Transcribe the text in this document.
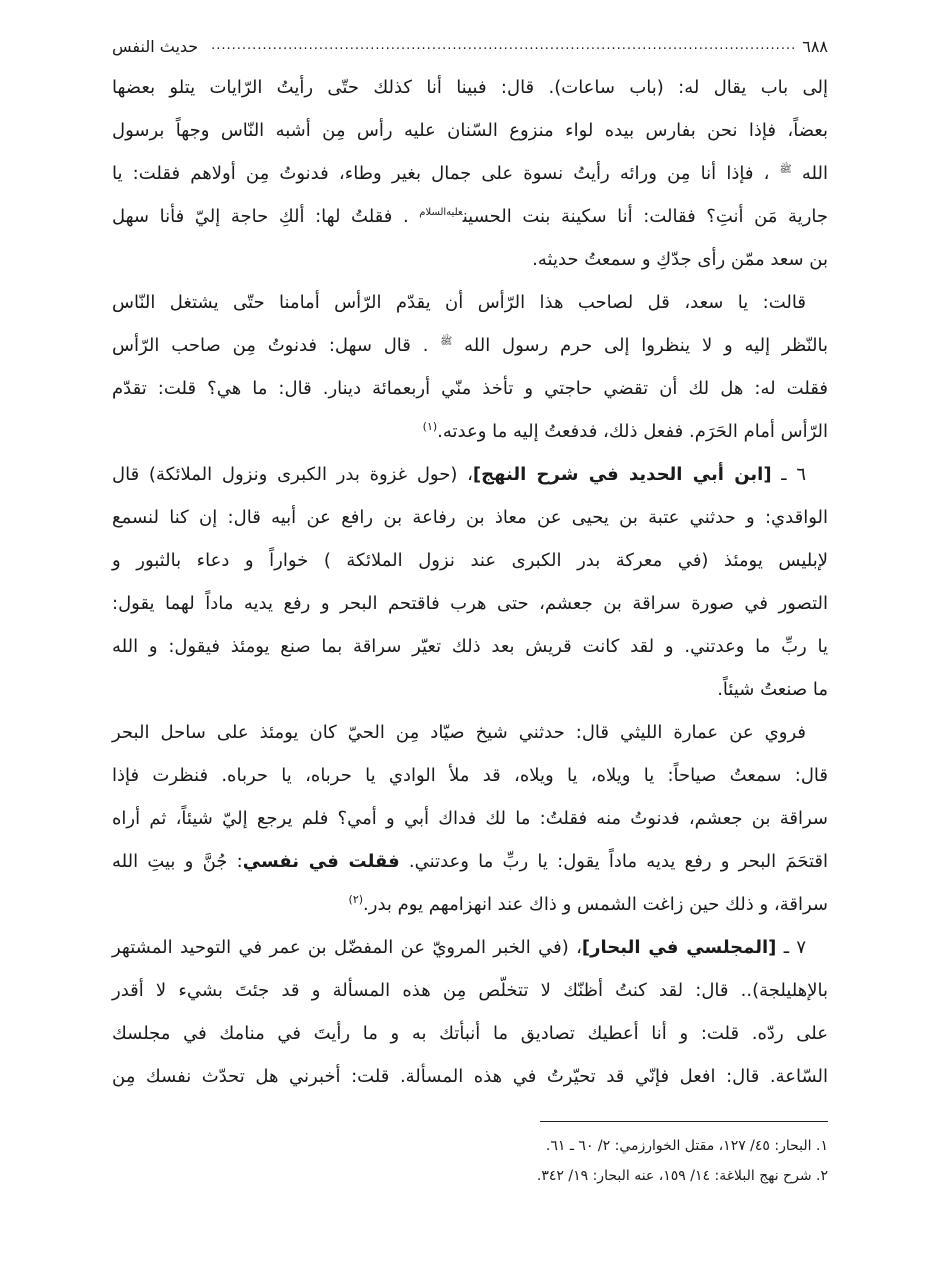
٦٨٨
..................................................................................................................
حديث النفس
إلى باب يقال له: (باب ساعات). قال: فبينا أنا كذلك حتّى رأيتُ الرّايات يتلو بعضها
بعضاً، فإذا نحن بفارس بيده لواء منزوع السّنان عليه رأس مِن أشبه النّاس وجهاً برسول
الله $^ﷺ$ ، فإذا أنا مِن ورائه رأيتُ نسوة على جمال بغير وطاء، فدنوتُ مِن أولاهم فقلت: يا
جارية مَن أنتِ؟ فقالت: أنا سكينة بنت الحسين$^{عليه‌السلام}$ . فقلتُ لها: ألكِ حاجة إليّ فأنا سهل
بن سعد ممّن رأى جدّكِ و سمعتُ حديثه.
قالت: يا سعد، قل لصاحب هذا الرّأس أن يقدّم الرّأس أمامنا حتّى يشتغل النّاس
بالنّظر إليه و لا ينظروا إلى حرم رسول الله $^ﷺ$ . قال سهل: فدنوتُ مِن صاحب الرّأس
فقلت له: هل لك أن تقضي حاجتي و تأخذ منّي أربعمائة دينار. قال: ما هي؟ قلت: تقدّم
الرّأس أمام الحَرَم. ففعل ذلك، فدفعتُ إليه ما وعدته.$^{(١)}$
٦ ـ [ابن أبي الحديد في شرح النهج]، (حول غزوة بدر الكبرى ونزول الملائكة) قال
الواقدي: و حدثني عتبة بن يحيى عن معاذ بن رفاعة بن رافع عن أبيه قال: إن كنا لنسمع
لإبليس يومئذ (في معركة بدر الكبرى عند نزول الملائكة ) خواراً و دعاء بالثبور و
التصور في صورة سراقة بن جعشم، حتى هرب فاقتحم البحر و رفع يديه ماداً لهما يقول:
يا ربِّ ما وعدتني. و لقد كانت قريش بعد ذلك تعيّر سراقة بما صنع يومئذ فيقول: و الله
ما صنعتُ شيئاً.
فروي عن عمارة الليثي قال: حدثني شيخ صيّاد مِن الحيّ كان يومئذ على ساحل البحر
قال: سمعتُ صياحاً: يا ويلاه، يا ويلاه، قد ملأ الوادي يا حرباه، يا حرباه. فنظرت فإذا
سراقة بن جعشم، فدنوتُ منه فقلتُ: ما لك فداك أبي و أمي؟ فلم يرجع إليّ شيئاً، ثم أراه
اقتحَمَ البحر و رفع يديه ماداً يقول: يا ربِّ ما وعدتني. فقلت في نفسي: جُنَّ و بيتِ الله
سراقة، و ذلك حين زاغت الشمس و ذاك عند انهزامهم يوم بدر.$^{(٢)}$
٧ ـ [المجلسي في البحار]، (في الخبر المرويّ عن المفضّل بن عمر في التوحيد المشتهر
بالإهليلجة).. قال: لقد كنتُ أظنّك لا تتخلّص مِن هذه المسألة و قد جئتَ بشيء لا أقدر
على ردّه. قلت: و أنا أعطيك تصاديق ما أنبأتك به و ما رأيتَ في منامك في مجلسك
السّاعة. قال: افعل فإنّي قد تحيّرتُ في هذه المسألة. قلت: أخبرني هل تحدّث نفسك مِن
١. البحار: ٤٥/ ١٢٧، مقتل الخوارزمي: ٢/ ٦٠ ـ ٦١.
٢. شرح نهج البلاغة: ١٤/ ١٥٩، عنه البحار: ١٩/ ٣٤٢.
